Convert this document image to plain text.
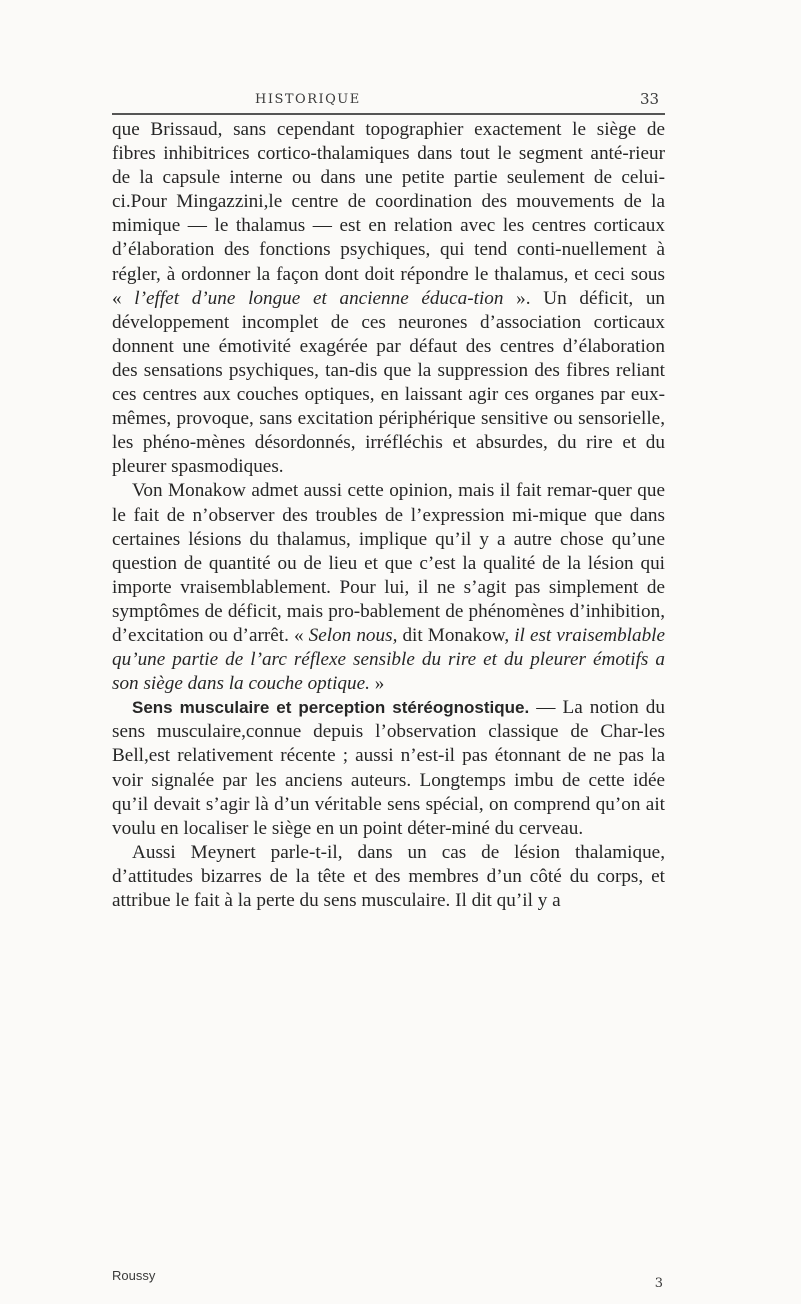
HISTORIQUE	33

que Brissaud, sans cependant topographier exactement le siège de fibres inhibitrices cortico-thalamiques dans tout le segment anté-rieur de la capsule interne ou dans une petite partie seulement de celui-ci.Pour Mingazzini,le centre de coordination des mouvements de la mimique — le thalamus — est en relation avec les centres corticaux d’élaboration des fonctions psychiques, qui tend conti-nuellement à régler, à ordonner la façon dont doit répondre le thalamus, et ceci sous « l’effet d’une longue et ancienne éduca-tion ». Un déficit, un développement incomplet de ces neurones d’association corticaux donnent une émotivité exagérée par défaut des centres d’élaboration des sensations psychiques, tan-dis que la suppression des fibres reliant ces centres aux couches optiques, en laissant agir ces organes par eux-mêmes, provoque, sans excitation périphérique sensitive ou sensorielle, les phéno-mènes désordonnés, irréfléchis et absurdes, du rire et du pleurer spasmodiques.

Von Monakow admet aussi cette opinion, mais il fait remar-quer que le fait de n’observer des troubles de l’expression mi-mique que dans certaines lésions du thalamus, implique qu’il y a autre chose qu’une question de quantité ou de lieu et que c’est la qualité de la lésion qui importe vraisemblablement. Pour lui, il ne s’agit pas simplement de symptômes de déficit, mais pro-bablement de phénomènes d’inhibition, d’excitation ou d’arrêt. « Selon nous, dit Monakow, il est vraisemblable qu’une partie de l’arc réflexe sensible du rire et du pleurer émotifs a son siège dans la couche optique. »

Sens musculaire et perception stéréognostique. — La notion du sens musculaire,connue depuis l’observation classique de Char-les Bell,est relativement récente ; aussi n’est-il pas étonnant de ne pas la voir signalée par les anciens auteurs. Longtemps imbu de cette idée qu’il devait s’agir là d’un véritable sens spécial, on comprend qu’on ait voulu en localiser le siège en un point déter-miné du cerveau.

Aussi Meynert parle-t-il, dans un cas de lésion thalamique, d’attitudes bizarres de la tête et des membres d’un côté du corps, et attribue le fait à la perte du sens musculaire. Il dit qu’il y a

Roussy
3
